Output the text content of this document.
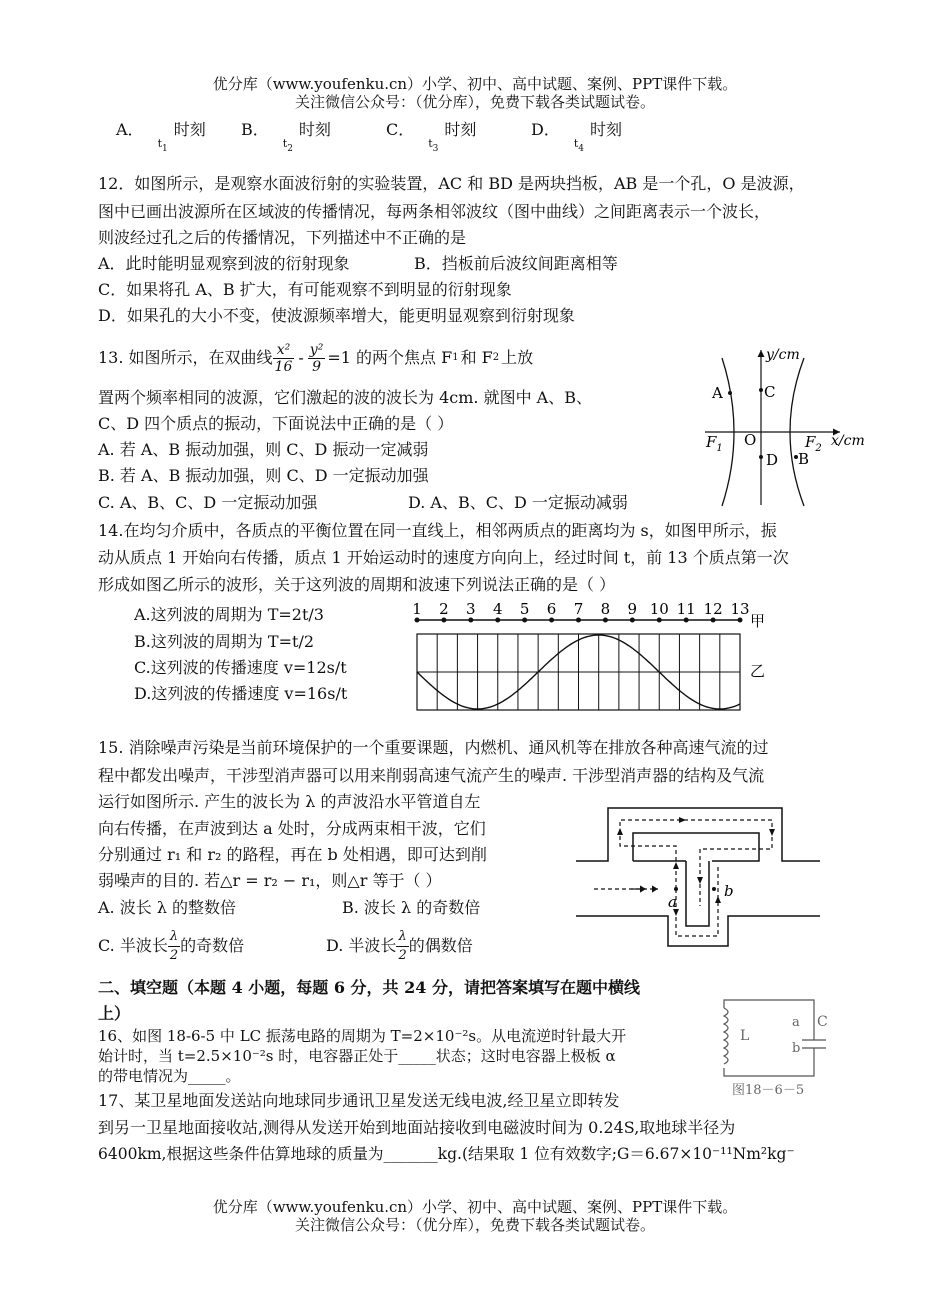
优分库（www.youfenku.cn）小学、初中、高中试题、案例、PPT课件下载。
关注微信公众号：（优分库），免费下载各类试题试卷。
A．$_{t1}$时刻 B．$_{t2}$时刻	C．$_{t3}$时刻	D．$_{t4}$时刻
12．如图所示，是观察水面波衍射的实验装置，AC 和 BD 是两块挡板，AB 是一个孔，O 是波源，
图中已画出波源所在区域波的传播情况，每两条相邻波纹（图中曲线）之间距离表示一个波长，
则波经过孔之后的传播情况，下列描述中不正确的是
A．此时能明显观察到波的衍射现象	B．挡板前后波纹间距离相等
C．如果将孔 A、B 扩大，有可能观察不到明显的衍射现象
D．如果孔的大小不变，使波源频率增大，能更明显观察到衍射现象
13. 如图所示，在双曲线 $\frac{\text{x²}}{16} - \frac{\text{y²}}{9} =1$ 的两个焦点 F 1 和 F 2 上放
置两个频率相同的波源，它们激起的波的波长为 4cm. 就图中 A、B、
C、D 四个质点的振动，下面说法中正确的是（ ）
A. 若 A、B 振动加强，则 C、D 振动一定减弱
B. 若 A、B 振动加强，则 C、D 一定振动加强
C. A、B、C、D 一定振动加强	D. A、B、C、D 一定振动减弱
y/cm
x/cm
O
$F_1$	$F_2$
A	C
D B
14.在均匀介质中，各质点的平衡位置在同一直线上，相邻两质点的距离均为 s，如图甲所示，振
动从质点 1 开始向右传播，质点 1 开始运动时的速度方向向上，经过时间 t，前 13 个质点第一次
形成如图乙所示的波形，关于这列波的周期和波速下列说法正确的是（ ）
A.这列波的周期为 T=2t/3
B.这列波的周期为 T=t/2
C.这列波的传播速度 v=12s/t
D.这列波的传播速度 v=16s/t
1 2 3 4 5 6 7 8 9 10 11 12 13
甲
乙
15. 消除噪声污染是当前环境保护的一个重要课题，内燃机、通风机等在排放各种高速气流的过
程中都发出噪声，干涉型消声器可以用来削弱高速气流产生的噪声. 干涉型消声器的结构及气流
运行如图所示. 产生的波长为 λ 的声波沿水平管道自左
向右传播，在声波到达 a 处时，分成两束相干波，它们
分别通过 r₁ 和 r₂ 的路程，再在 b 处相遇，即可达到削
弱噪声的目的. 若△r = r₂ − r₁，则△r 等于（ ）
A. 波长 λ 的整数倍	B. 波长 λ 的奇数倍
C. 半波长 $\frac{\lambda}{2}$ 的奇数倍	D. 半波长 $\frac{\lambda}{2}$ 的偶数倍
a
b
二、填空题（本题 4 小题，每题 6 分，共 24 分，请把答案填写在题中横线
上）
16、如图 18-6-5 中 LC 振荡电路的周期为 T=2×10⁻²s。从电流逆时针最大开
始计时，当 t=2.5×10⁻²s 时，电容器正处于_____状态；这时电容器上极板 α
的带电情况为_____。
L
a
b
C
图18－6－5
17、某卫星地面发送站向地球同步通讯卫星发送无线电波,经卫星立即转发
到另一卫星地面接收站,测得从发送开始到地面站接收到电磁波时间为 0.24S,取地球半径为
6400km,根据这些条件估算地球的质量为_______kg.(结果取 1 位有效数字;G＝6.67×10⁻¹¹Nm²kg⁻
优分库（www.youfenku.cn）小学、初中、高中试题、案例、PPT课件下载。
关注微信公众号：（优分库），免费下载各类试题试卷。
